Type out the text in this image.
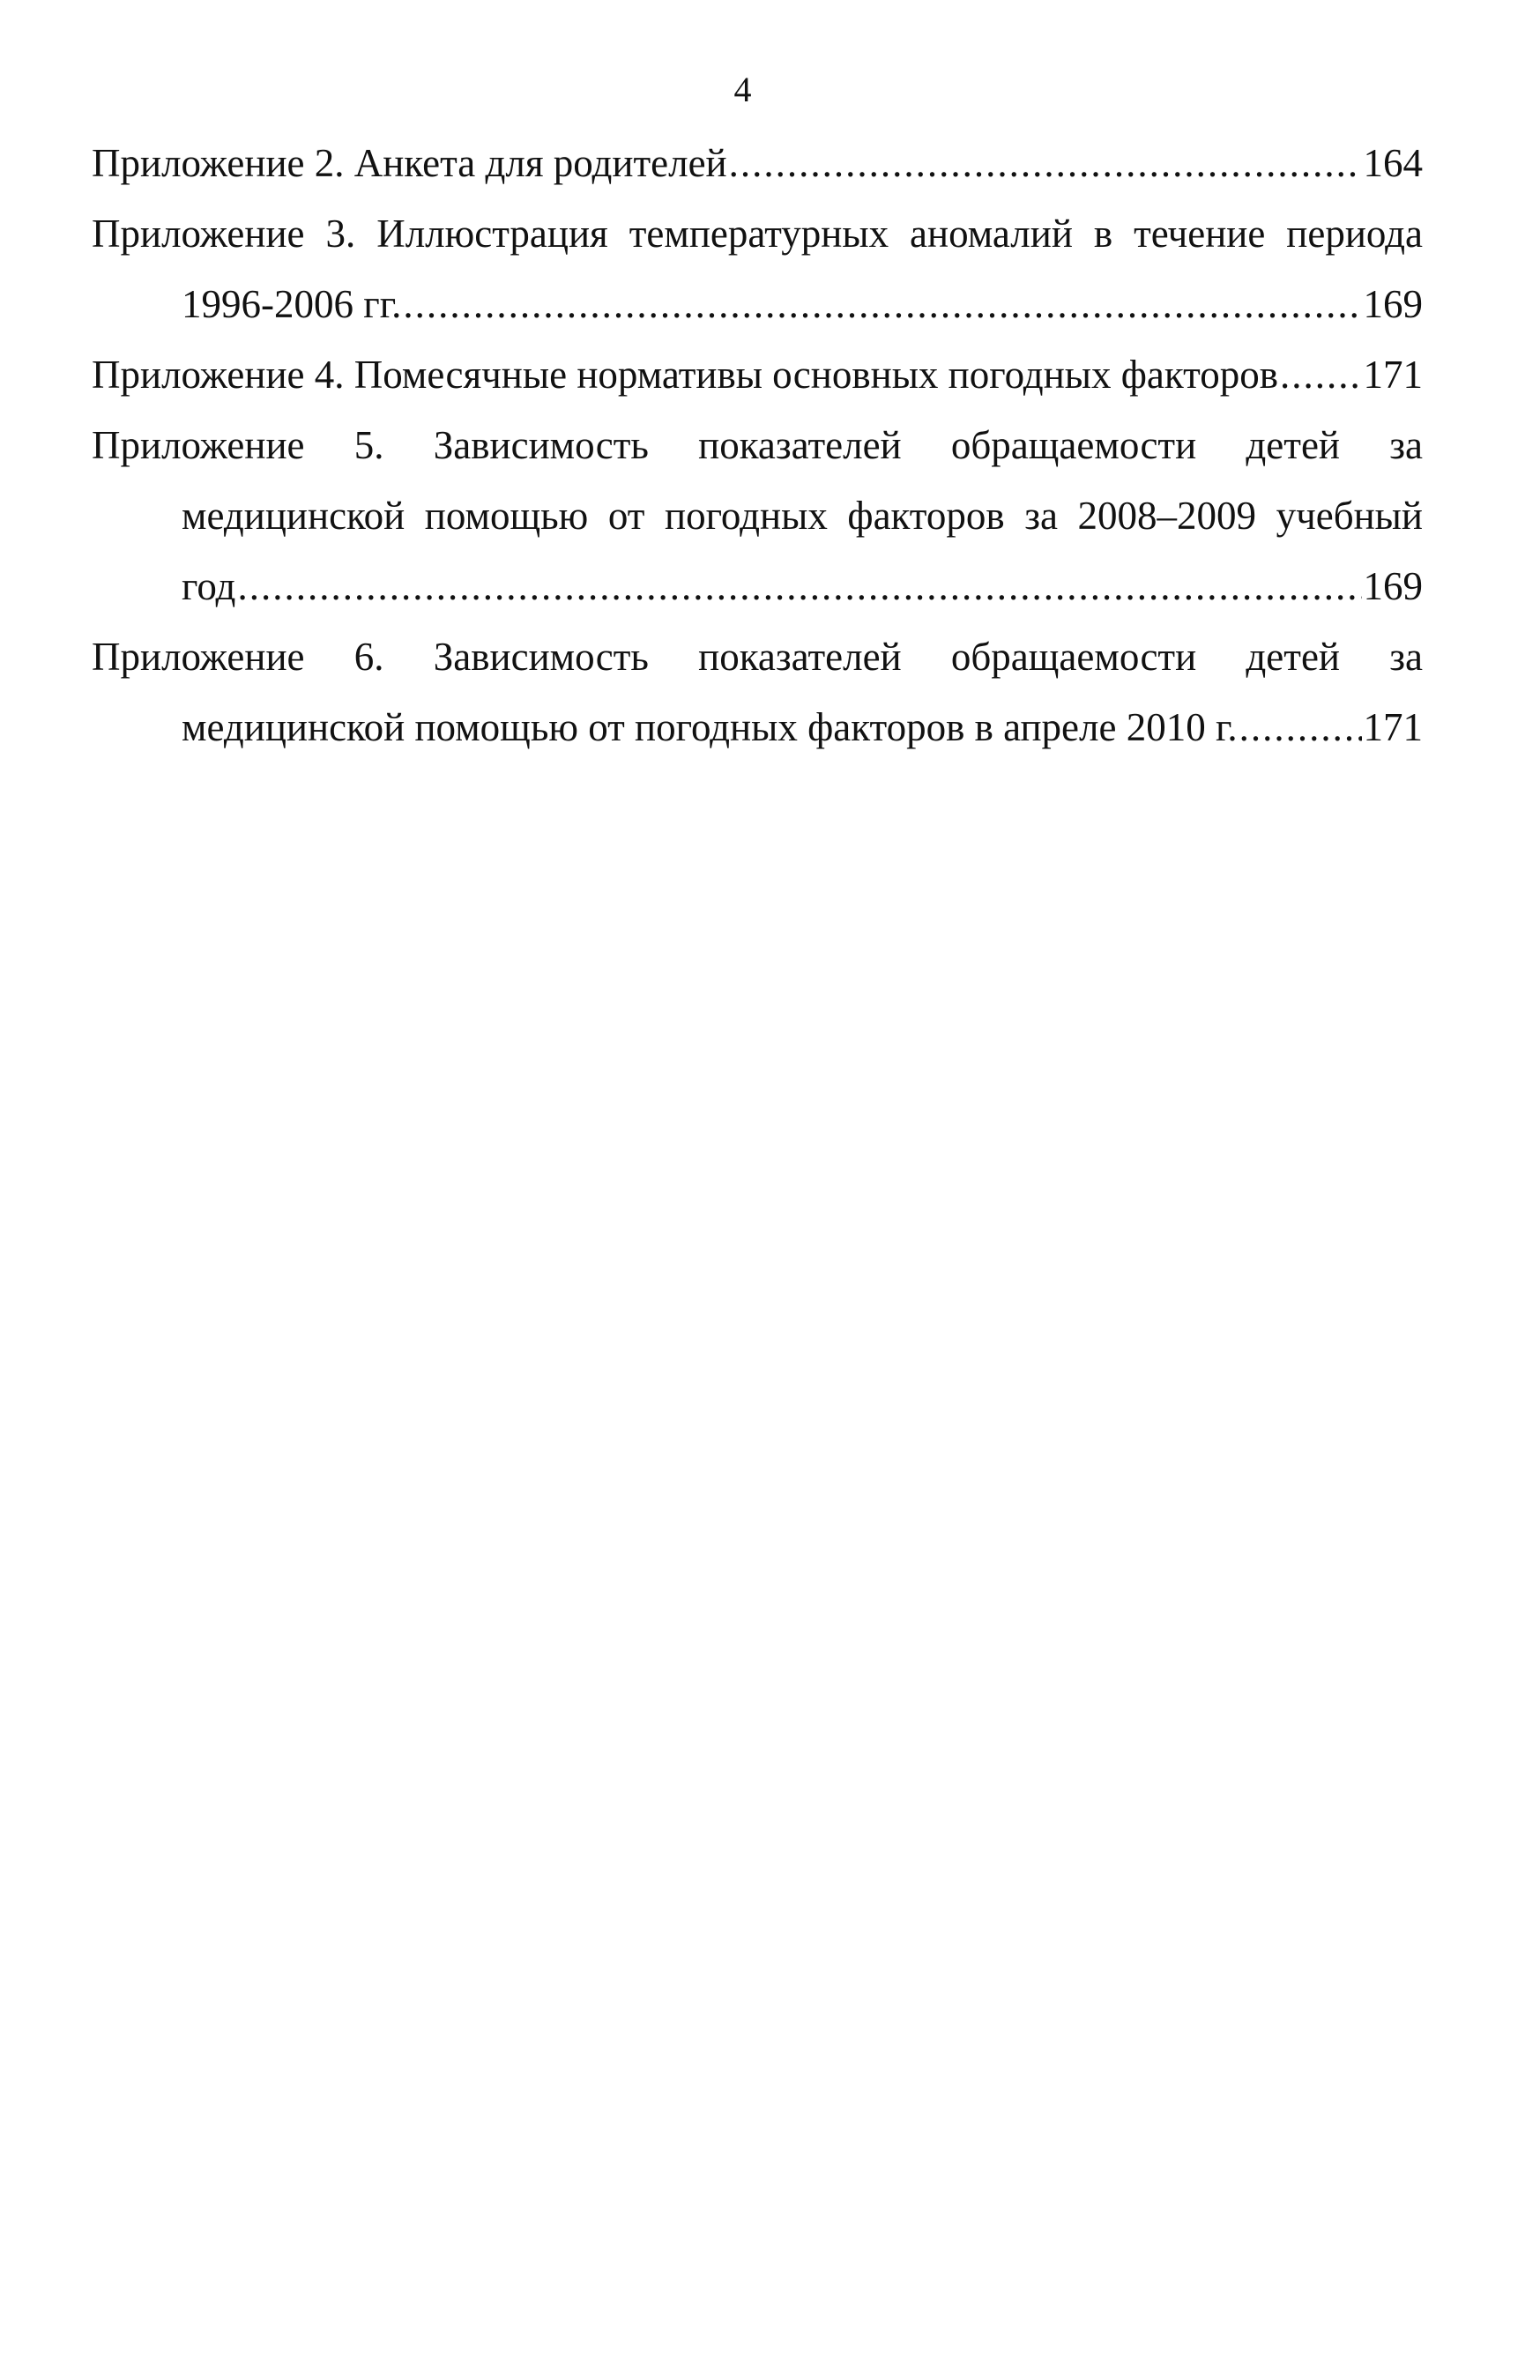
4
Приложение 2. Анкета для родителей .....	164
Приложение 3. Иллюстрация температурных аномалий в течение периода
1996-2006 гг. .....	169
Приложение 4. Помесячные нормативы основных погодных факторов ..... 171
Приложение 5. Зависимость показателей обращаемости детей за
медицинской помощью от погодных факторов за 2008–2009 учебный
год .....	169
Приложение 6. Зависимость показателей обращаемости детей за
медицинской помощью от погодных факторов в апреле 2010 г. .....	171
